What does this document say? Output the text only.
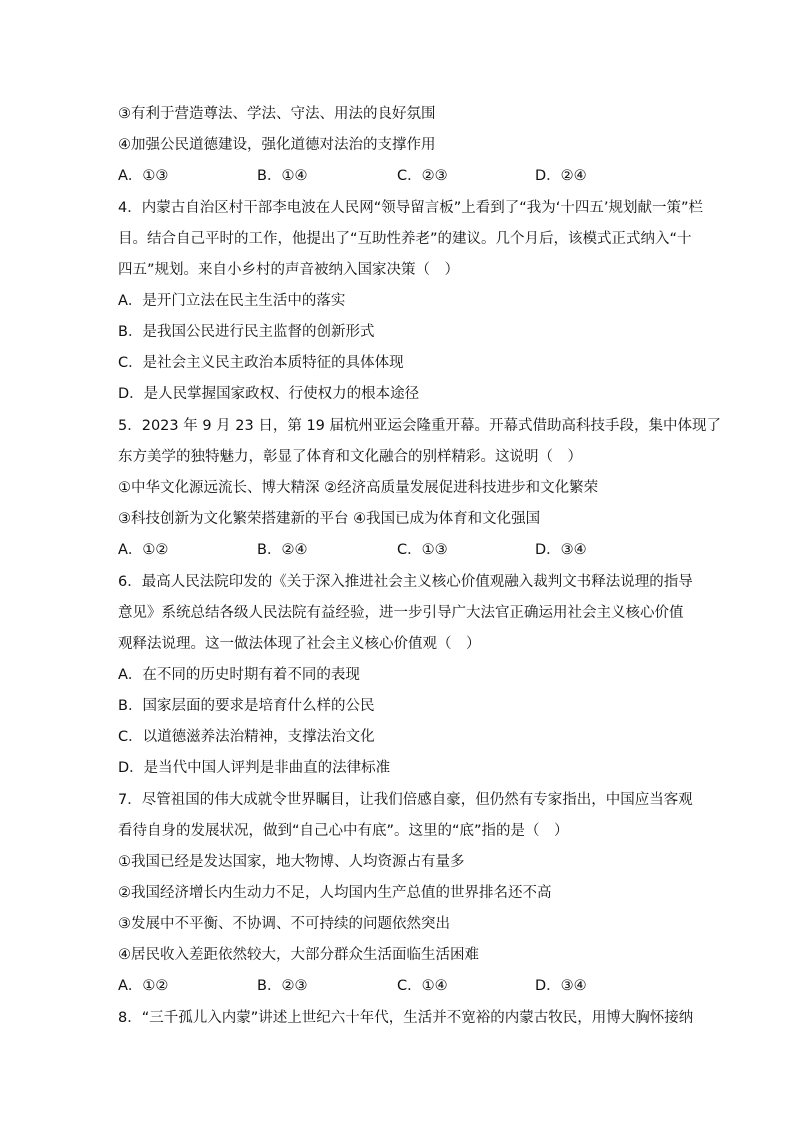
③有利于营造尊法、学法、守法、用法的良好氛围
④加强公民道德建设，强化道德对法治的支撑作用
A．①③	B．①④	C．②③	D．②④
4．内蒙古自治区村干部李电波在人民网“领导留言板”上看到了“我为‘十四五’规划献一策”栏
目。结合自己平时的工作，他提出了“互助性养老”的建议。几个月后，该模式正式纳入“十
四五”规划。来自小乡村的声音被纳入国家决策（　）
A．是开门立法在民主生活中的落实
B．是我国公民进行民主监督的创新形式
C．是社会主义民主政治本质特征的具体体现
D．是人民掌握国家政权、行使权力的根本途径
5．2023 年 9 月 23 日，第 19 届杭州亚运会隆重开幕。开幕式借助高科技手段，集中体现了
东方美学的独特魅力，彰显了体育和文化融合的别样精彩。这说明（　）
①中华文化源远流长、博大精深 ②经济高质量发展促进科技进步和文化繁荣
③科技创新为文化繁荣搭建新的平台 ④我国已成为体育和文化强国
A．①②	B．②④	C．①③	D．③④
6．最高人民法院印发的《关于深入推进社会主义核心价值观融入裁判文书释法说理的指导
意见》系统总结各级人民法院有益经验，进一步引导广大法官正确运用社会主义核心价值
观释法说理。这一做法体现了社会主义核心价值观（　）
A．在不同的历史时期有着不同的表现
B．国家层面的要求是培育什么样的公民
C．以道德滋养法治精神，支撑法治文化
D．是当代中国人评判是非曲直的法律标准
7．尽管祖国的伟大成就令世界瞩目，让我们倍感自豪，但仍然有专家指出，中国应当客观
看待自身的发展状况，做到“自己心中有底”。这里的“底”指的是（　）
①我国已经是发达国家，地大物博、人均资源占有量多
②我国经济增长内生动力不足，人均国内生产总值的世界排名还不高
③发展中不平衡、不协调、不可持续的问题依然突出
④居民收入差距依然较大，大部分群众生活面临生活困难
A．①②	B．②③	C．①④	D．③④
8．“三千孤儿入内蒙”讲述上世纪六十年代，生活并不宽裕的内蒙古牧民，用博大胸怀接纳
